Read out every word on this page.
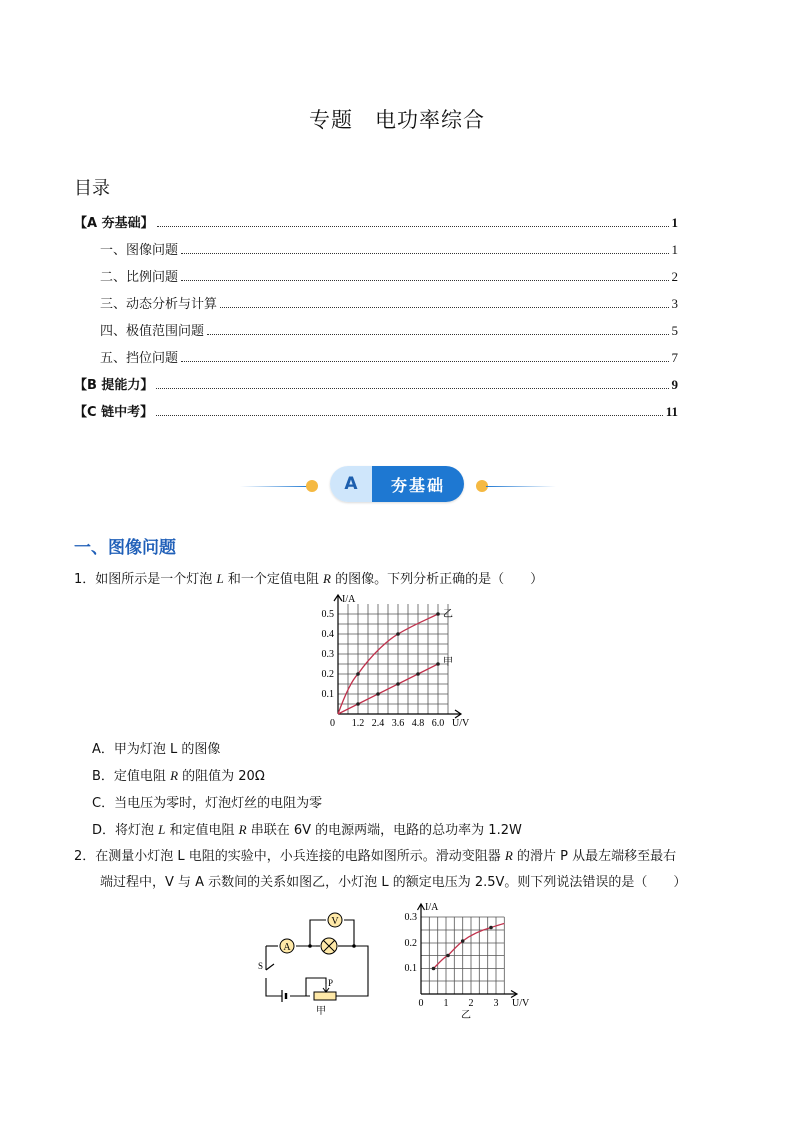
专题 电功率综合
目录
【A 夯基础】	1
一、图像问题	1
二、比例问题	2
三、动态分析与计算	3
四、极值范围问题	5
五、挡位问题	7
【B 提能力】	9
【C 链中考】	11
A	夯基础
一、图像问题
1．如图所示是一个灯泡 L 和一个定值电阻 R 的图像。下列分析正确的是（　　）
I/A
U/V
0
0.1
0.2
0.3
0.4
0.5
1.2 2.4 3.6 4.8 6.0
乙
甲
A．甲为灯泡 L 的图像
B．定值电阻 R 的阻值为 20Ω
C．当电压为零时，灯泡灯丝的电阻为零
D．将灯泡 L 和定值电阻 R 串联在 6V 的电源两端，电路的总功率为 1.2W
2．在测量小灯泡 L 电阻的实验中，小兵连接的电路如图所示。滑动变阻器 R 的滑片 P 从最左端移至最右
端过程中，V 与 A 示数间的关系如图乙，小灯泡 L 的额定电压为 2.5V。则下列说法错误的是（　　）
A
V
P
S
甲
I/A
U/V
0
0.1
0.2
0.3
1 2 3
乙
